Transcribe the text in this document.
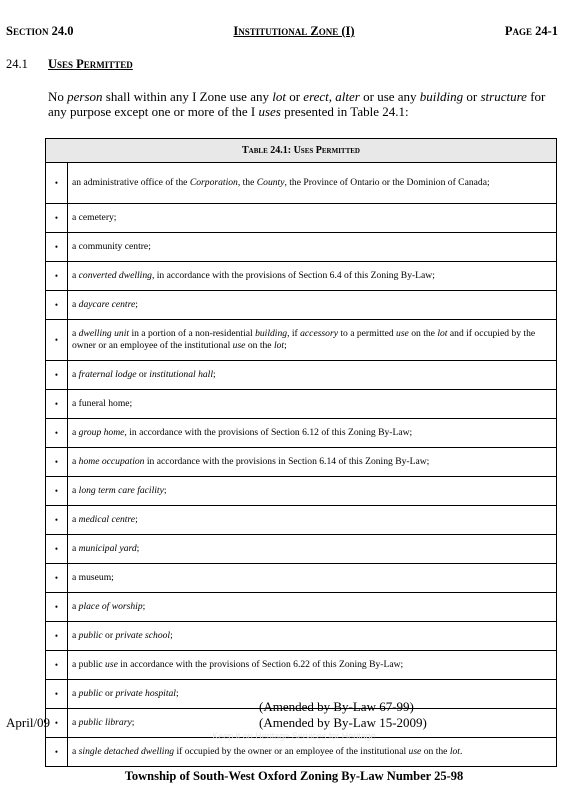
Section 24.0	Institutional Zone (I)	Page 24-1
24.1 Uses Permitted
No person shall within any I Zone use any lot or erect, alter or use any building or structure for any purpose except one or more of the I uses presented in Table 24.1:
Table 24.1: Uses Permitted	
•	an administrative office of the Corporation, the County, the Province of Ontario or the Dominion of Canada;
•	a cemetery;
•	a community centre;
•	a converted dwelling, in accordance with the provisions of Section 6.4 of this Zoning By-Law;
•	a daycare centre;
•	a dwelling unit in a portion of a non-residential building, if accessory to a permitted use on the lot and if occupied by the owner or an employee of the institutional use on the lot;
•	a fraternal lodge or institutional hall;
•	a funeral home;
•	a group home, in accordance with the provisions of Section 6.12 of this Zoning By-Law;
•	a home occupation in accordance with the provisions in Section 6.14 of this Zoning By-Law;
•	a long term care facility;
•	a medical centre;
•	a municipal yard;
•	a museum;
•	a place of worship;
•	a public or private school;
•	a public use in accordance with the provisions of Section 6.22 of this Zoning By-Law;
•	a public or private hospital;
•	a public library;
•	a single detached dwelling if occupied by the owner or an employee of the institutional use on the lot.
(Amended by By-Law 67-99)
April/09	(Amended by By-Law 15-2009)
Keep it on Heritage Services for Heritage
Township of South-West Oxford Zoning By-Law Number 25-98
